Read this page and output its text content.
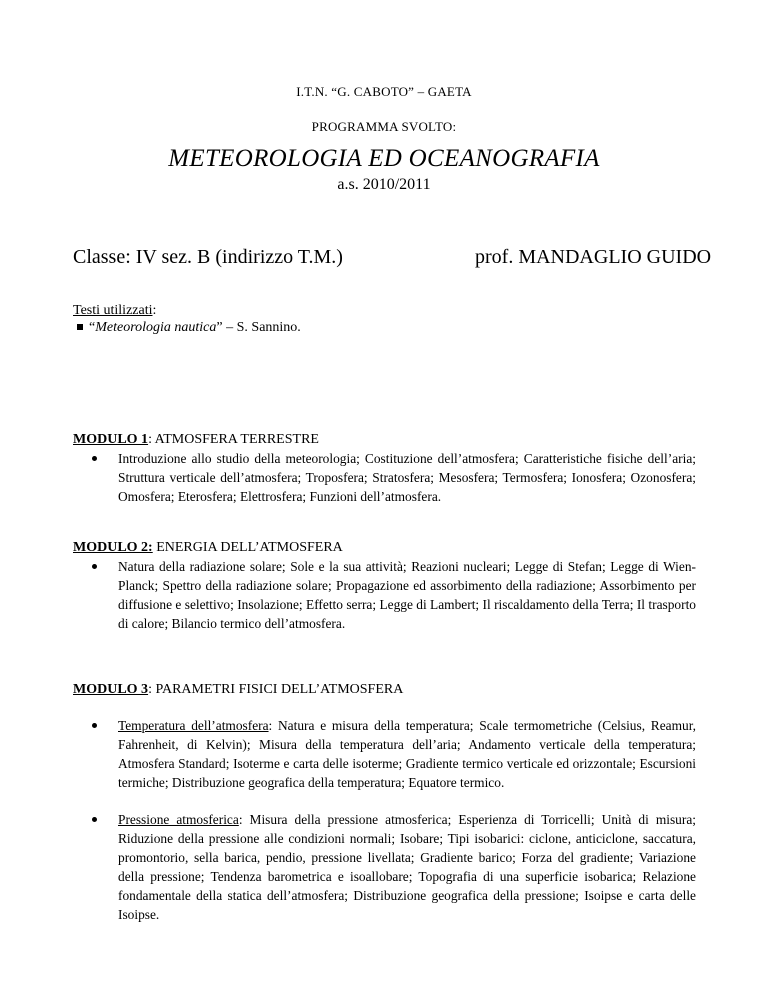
I.T.N. “G. CABOTO” – GAETA
PROGRAMMA SVOLTO:
METEOROLOGIA ED OCEANOGRAFIA
a.s. 2010/2011
Classe: IV sez. B (indirizzo T.M.)	prof. MANDAGLIO GUIDO
Testi utilizzati:
“Meteorologia nautica” – S. Sannino.
MODULO 1: ATMOSFERA TERRESTRE
Introduzione allo studio della meteorologia; Costituzione dell’atmosfera; Caratteristiche fisiche dell’aria; Struttura verticale dell’atmosfera; Troposfera; Stratosfera; Mesosfera; Termosfera; Ionosfera; Ozonosfera; Omosfera; Eterosfera; Elettrosfera; Funzioni dell’atmosfera.
MODULO 2: ENERGIA DELL’ATMOSFERA
Natura della radiazione solare; Sole e la sua attività; Reazioni nucleari; Legge di Stefan; Legge di Wien-Planck; Spettro della radiazione solare; Propagazione ed assorbimento della radiazione; Assorbimento per diffusione e selettivo; Insolazione; Effetto serra; Legge di Lambert; Il riscaldamento della Terra; Il trasporto di calore; Bilancio termico dell’atmosfera.
MODULO 3: PARAMETRI FISICI DELL’ATMOSFERA
Temperatura dell’atmosfera: Natura e misura della temperatura; Scale termometriche (Celsius, Reamur, Fahrenheit, di Kelvin); Misura della temperatura dell’aria; Andamento verticale della temperatura; Atmosfera Standard; Isoterme e carta delle isoterme; Gradiente termico verticale ed orizzontale; Escursioni termiche; Distribuzione geografica della temperatura; Equatore termico.
Pressione atmosferica: Misura della pressione atmosferica; Esperienza di Torricelli; Unità di misura; Riduzione della pressione alle condizioni normali; Isobare; Tipi isobarici: ciclone, anticiclone, saccatura, promontorio, sella barica, pendio, pressione livellata; Gradiente barico; Forza del gradiente; Variazione della pressione; Tendenza barometrica e isoallobare; Topografia di una superficie isobarica; Relazione fondamentale della statica dell’atmosfera; Distribuzione geografica della pressione; Isoipse e carta delle Isoipse.
